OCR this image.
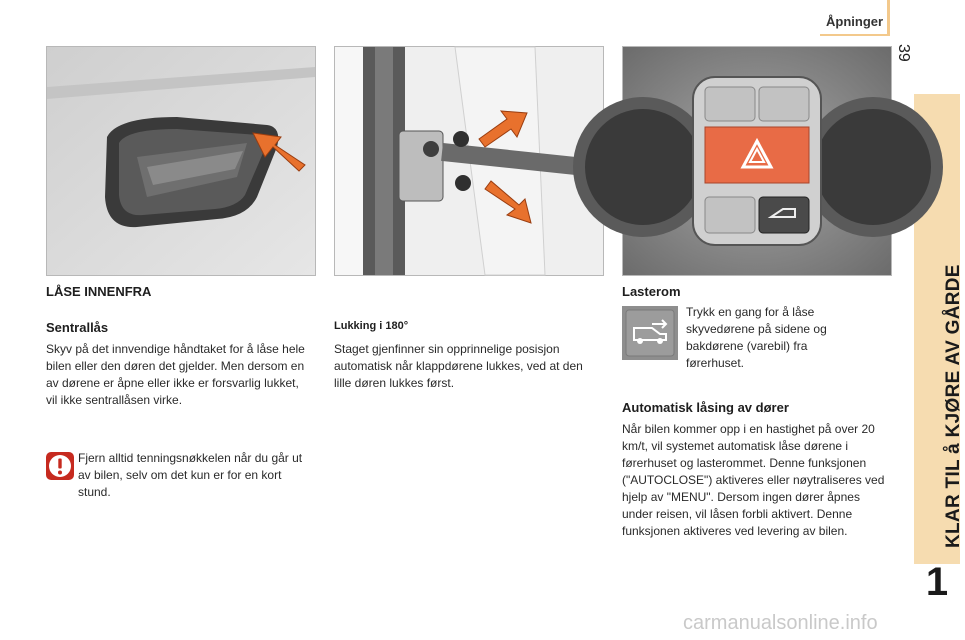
Åpninger
39
KLAR TIL å KJØRE AV GÅRDE
1
LÅSE INNENFRA
Sentrallås
Skyv på det innvendige håndtaket for å låse hele bilen eller den døren det gjelder. Men dersom en av dørene er åpne eller ikke er forsvarlig lukket, vil ikke sentrallåsen virke.
Fjern alltid tenningsnøkkelen når du går ut av bilen, selv om det kun er for en kort stund.
Lukking i 180°
Staget gjenfinner sin opprinnelige posisjon automatisk når klappdørene lukkes, ved at den lille døren lukkes først.
Lasterom
Trykk en gang for å låse skyvedørene på sidene og bakdørene (varebil) fra førerhuset.
Automatisk låsing av dører
Når bilen kommer opp i en hastighet på over 20 km/t, vil systemet automatisk låse dørene i førerhuset og lasterommet. Denne funksjonen ("AUTOCLOSE") aktiveres eller nøytraliseres ved hjelp av "MENU". Dersom ingen dører åpnes under reisen, vil låsen forbli aktivert. Denne funksjonen aktiveres ved levering av bilen.
carmanualsonline.info
